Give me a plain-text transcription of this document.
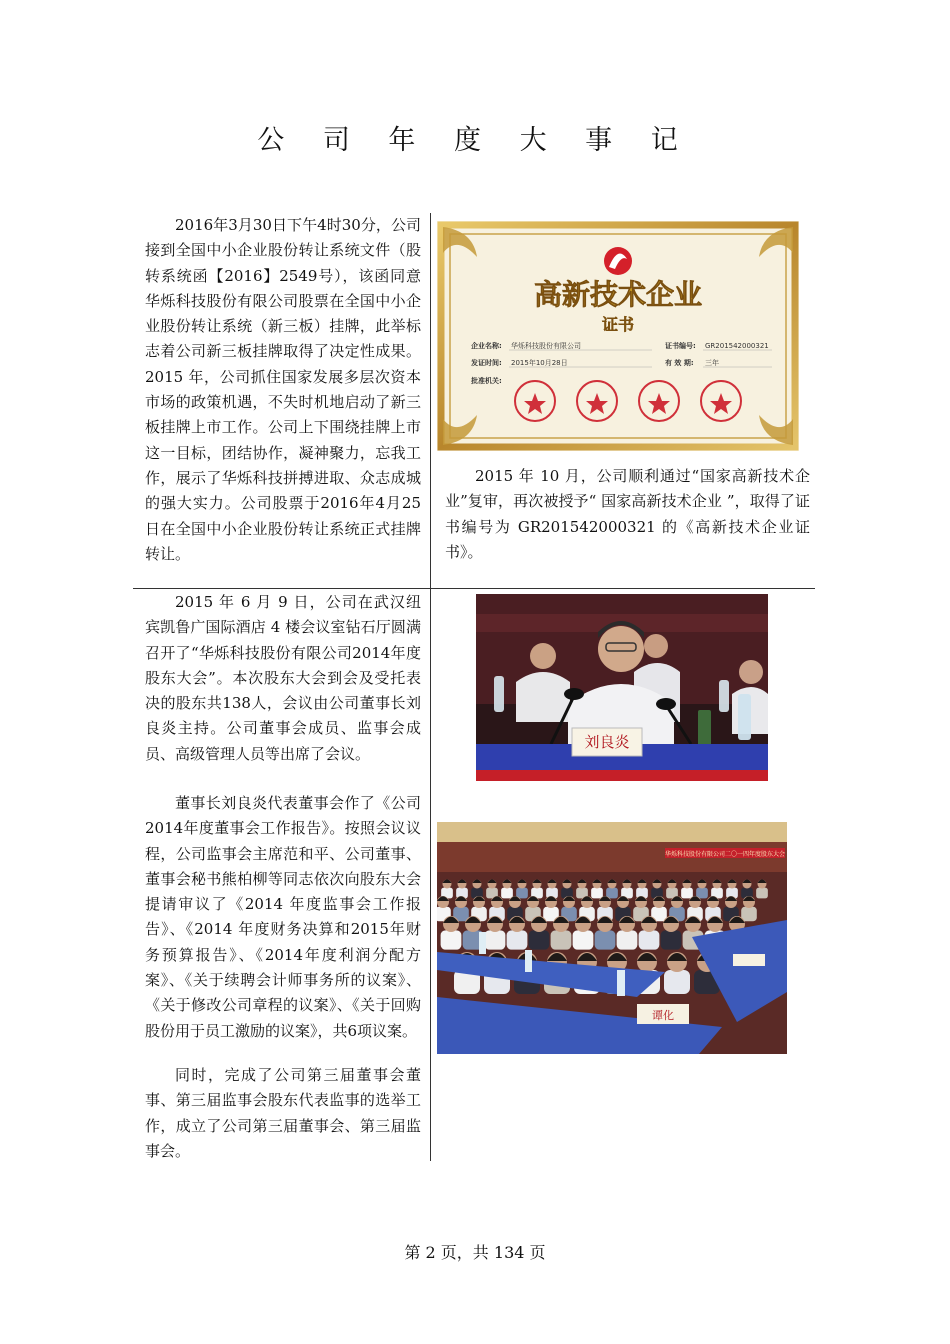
公 司 年 度 大 事 记

2016年3月30日下午4时30分，公司接到全国中小企业股份转让系统文件（股转系统函【2016】2549号），该函同意华烁科技股份有限公司股票在全国中小企业股份转让系统（新三板）挂牌，此举标志着公司新三板挂牌取得了决定性成果。2015 年，公司抓住国家发展多层次资本市场的政策机遇，不失时机地启动了新三板挂牌上市工作。公司上下围绕挂牌上市这一目标，团结协作，凝神聚力，忘我工作，展示了华烁科技拼搏进取、众志成城的强大实力。公司股票于2016年4月25日在全国中小企业股份转让系统正式挂牌转让。

高新技术企业
证书
企业名称: 华烁科技股份有限公司	证书编号: GR201542000321
发证时间: 2015年10月28日	有 效 期: 三年
批准机关:

2015 年 10 月，公司顺利通过“国家高新技术企业”复审，再次被授予“ 国家高新技术企业 ”，取得了证书编号为 GR201542000321 的《高新技术企业证书》。

2015 年 6 月 9 日，公司在武汉纽宾凯鲁广国际酒店 4 楼会议室钻石厅圆满召开了“华烁科技股份有限公司2014年度股东大会”。本次股东大会到会及受托表决的股东共138人，会议由公司董事长刘良炎主持。公司董事会成员、监事会成员、高级管理人员等出席了会议。

董事长刘良炎代表董事会作了《公司2014年度董事会工作报告》。按照会议议程，公司监事会主席范和平、公司董事、董事会秘书熊柏柳等同志依次向股东大会提请审议了《2014 年度监事会工作报告》、《2014 年度财务决算和2015年财务预算报告》、《2014年度利润分配方案》、《关于续聘会计师事务所的议案》、《关于修改公司章程的议案》、《关于回购股份用于员工激励的议案》，共6项议案。

同时，完成了公司第三届董事会董事、第三届监事会股东代表监事的选举工作，成立了公司第三届董事会、第三届监事会。

刘良炎
华烁科技股份有限公司二〇一四年度股东大会
谭化
第 2 页，共 134 页
